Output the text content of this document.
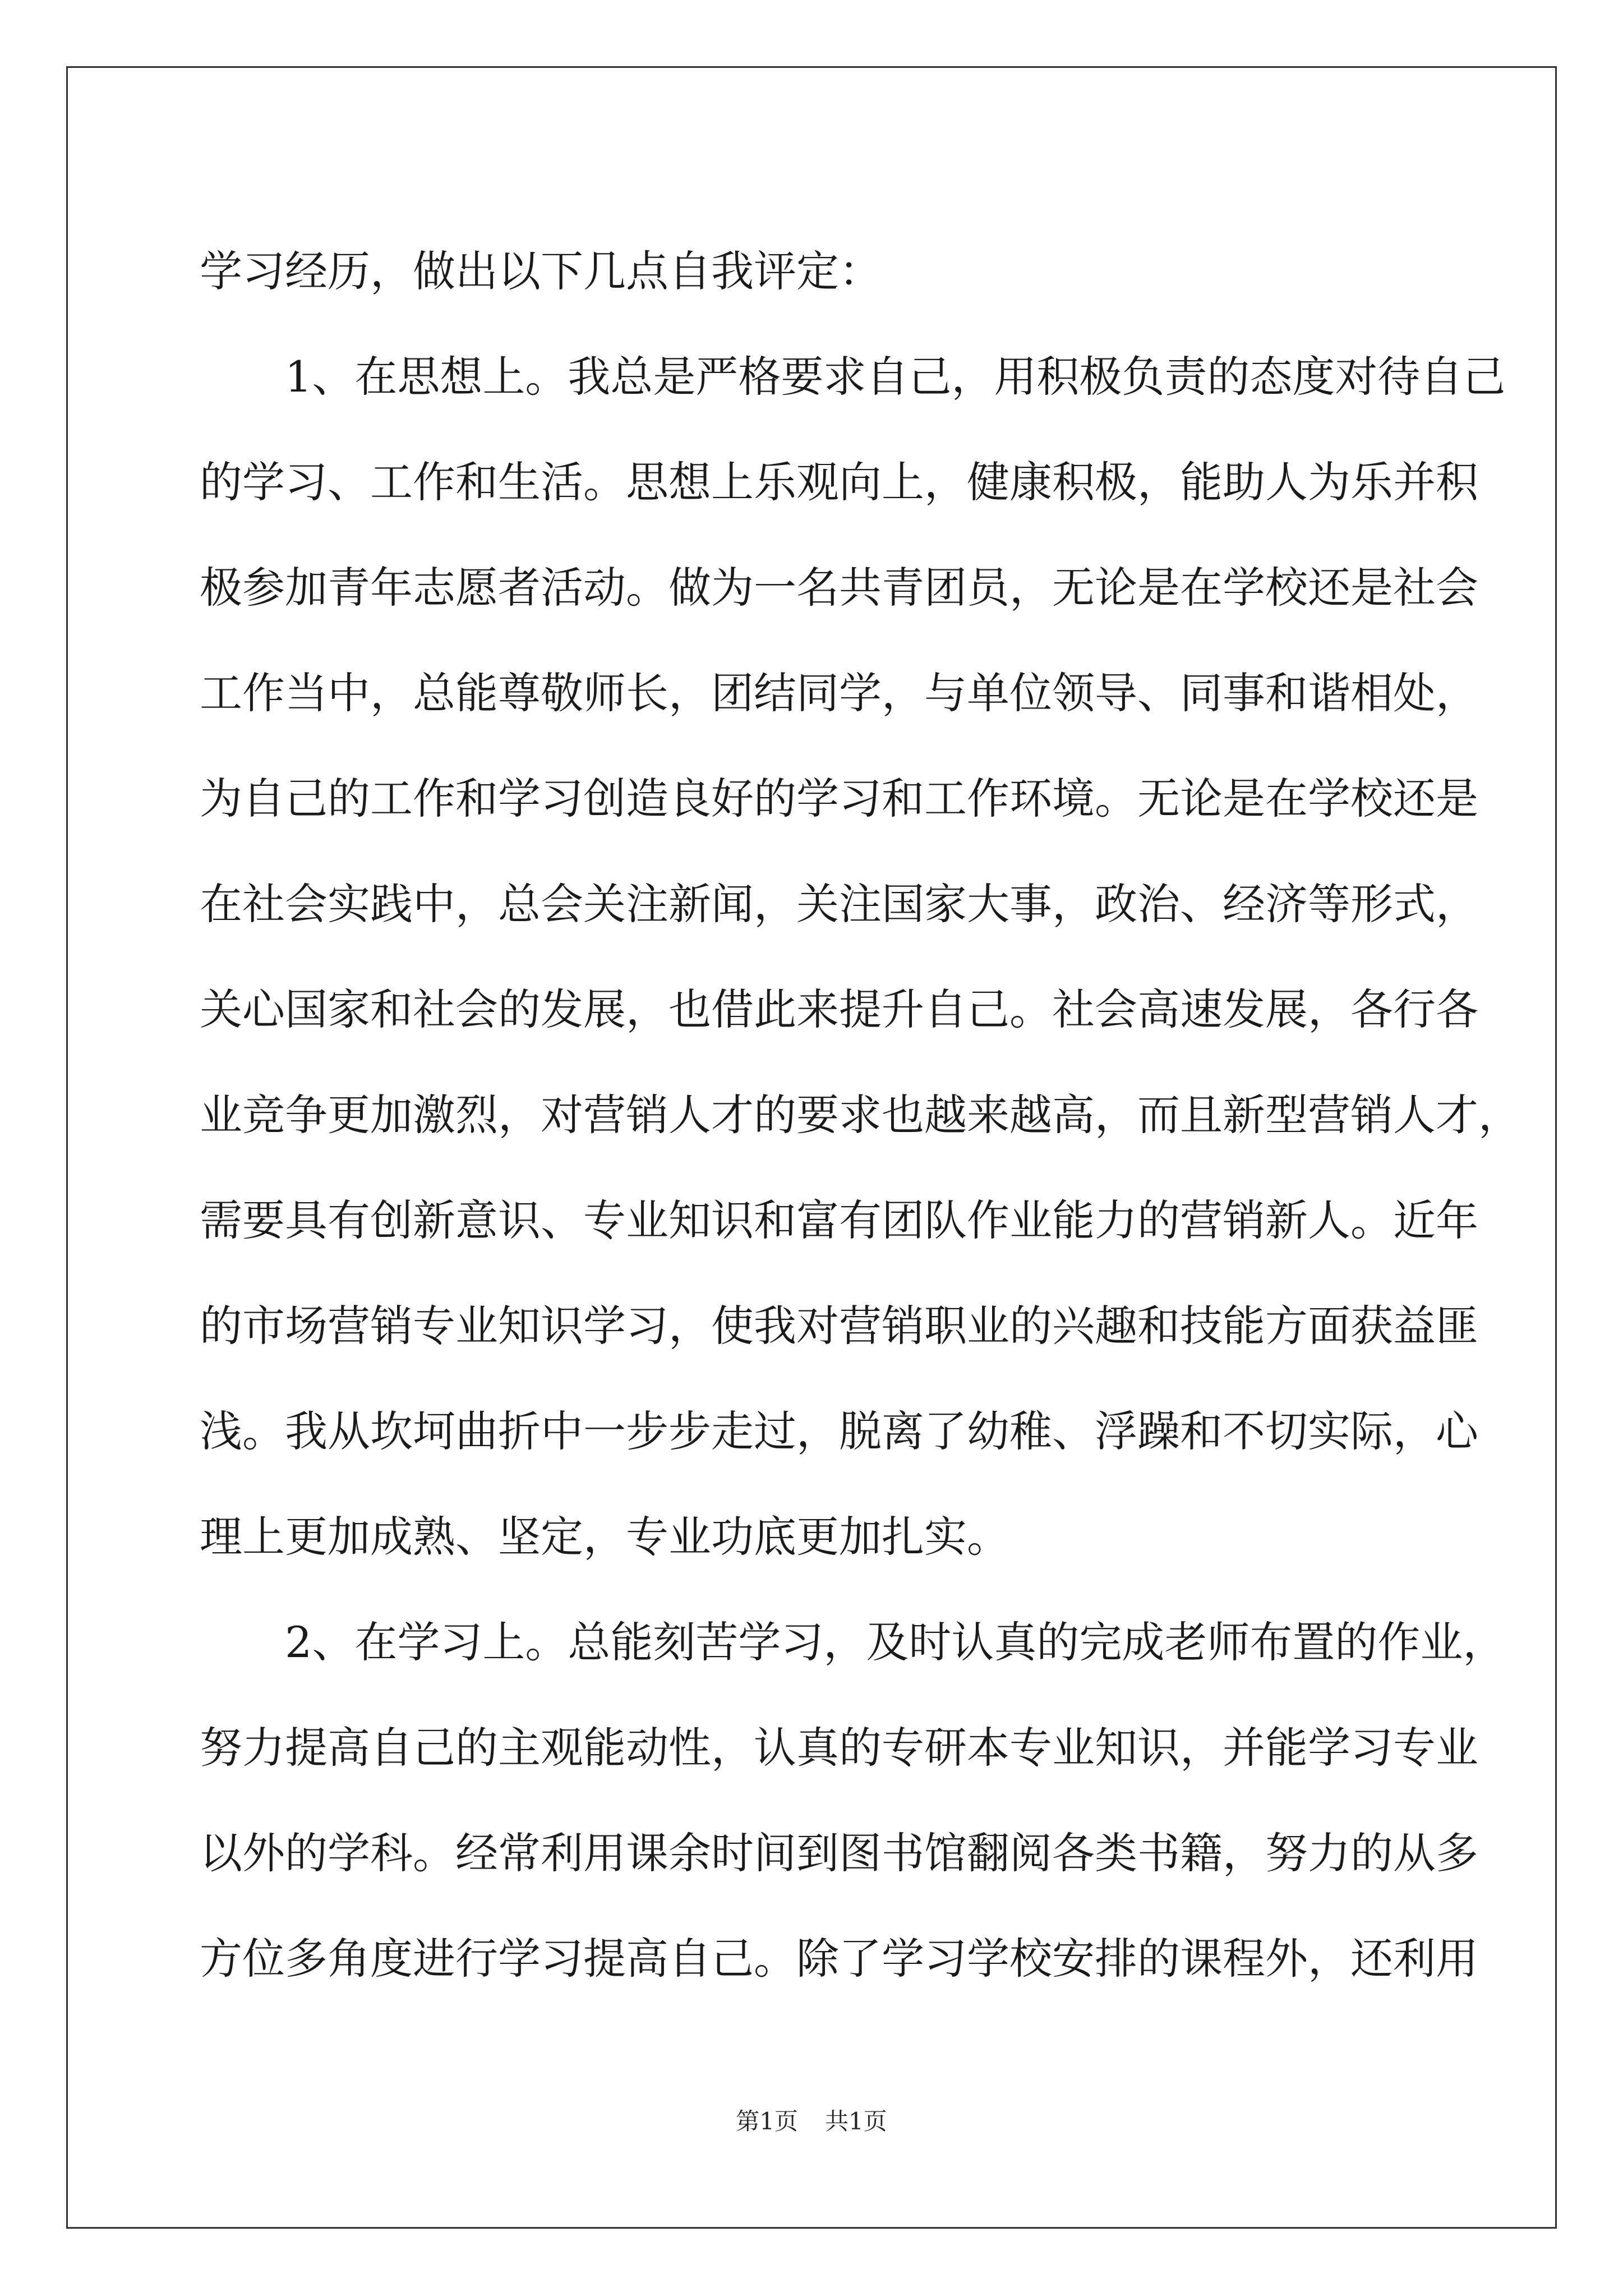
学习经历，做出以下几点自我评定：
　　1、在思想上。我总是严格要求自己，用积极负责的态度对待自己
的学习、工作和生活。思想上乐观向上，健康积极，能助人为乐并积
极参加青年志愿者活动。做为一名共青团员，无论是在学校还是社会
工作当中，总能尊敬师长，团结同学，与单位领导、同事和谐相处，
为自己的工作和学习创造良好的学习和工作环境。无论是在学校还是
在社会实践中，总会关注新闻，关注国家大事，政治、经济等形式，
关心国家和社会的发展，也借此来提升自己。社会高速发展，各行各
业竞争更加激烈，对营销人才的要求也越来越高，而且新型营销人才，
需要具有创新意识、专业知识和富有团队作业能力的营销新人。近年
的市场营销专业知识学习，使我对营销职业的兴趣和技能方面获益匪
浅。我从坎坷曲折中一步步走过，脱离了幼稚、浮躁和不切实际，心
理上更加成熟、坚定，专业功底更加扎实。
　　2、在学习上。总能刻苦学习，及时认真的完成老师布置的作业，
努力提高自己的主观能动性，认真的专研本专业知识，并能学习专业
以外的学科。经常利用课余时间到图书馆翻阅各类书籍，努力的从多
方位多角度进行学习提高自己。除了学习学校安排的课程外，还利用
第1页 共1页
